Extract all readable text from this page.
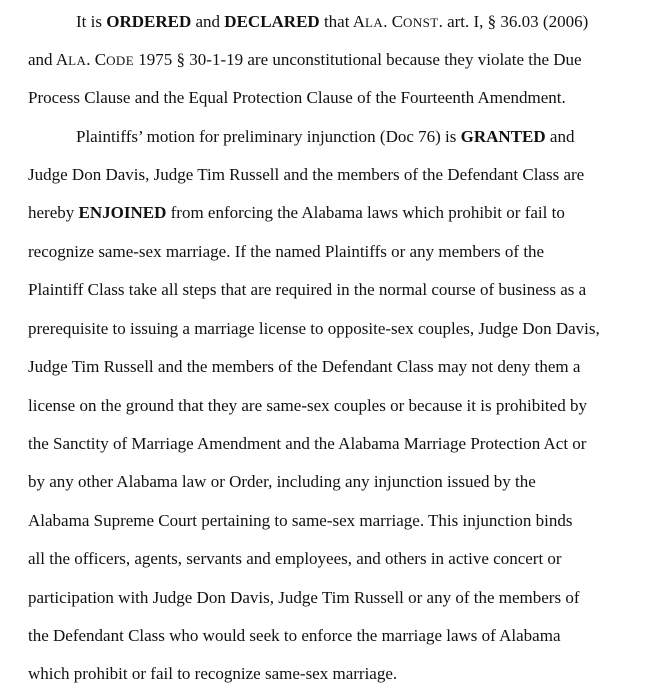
It is ORDERED and DECLARED that ALA. CONST. art. I, § 36.03 (2006)
and ALA. CODE 1975 § 30-1-19 are unconstitutional because they violate the Due
Process Clause and the Equal Protection Clause of the Fourteenth Amendment.
Plaintiffs’ motion for preliminary injunction (Doc 76) is GRANTED and
Judge Don Davis, Judge Tim Russell and the members of the Defendant Class are
hereby ENJOINED from enforcing the Alabama laws which prohibit or fail to
recognize same-sex marriage. If the named Plaintiffs or any members of the
Plaintiff Class take all steps that are required in the normal course of business as a
prerequisite to issuing a marriage license to opposite-sex couples, Judge Don Davis,
Judge Tim Russell and the members of the Defendant Class may not deny them a
license on the ground that they are same-sex couples or because it is prohibited by
the Sanctity of Marriage Amendment and the Alabama Marriage Protection Act or
by any other Alabama law or Order, including any injunction issued by the
Alabama Supreme Court pertaining to same-sex marriage. This injunction binds
all the officers, agents, servants and employees, and others in active concert or
participation with Judge Don Davis, Judge Tim Russell or any of the members of
the Defendant Class who would seek to enforce the marriage laws of Alabama
which prohibit or fail to recognize same-sex marriage.
